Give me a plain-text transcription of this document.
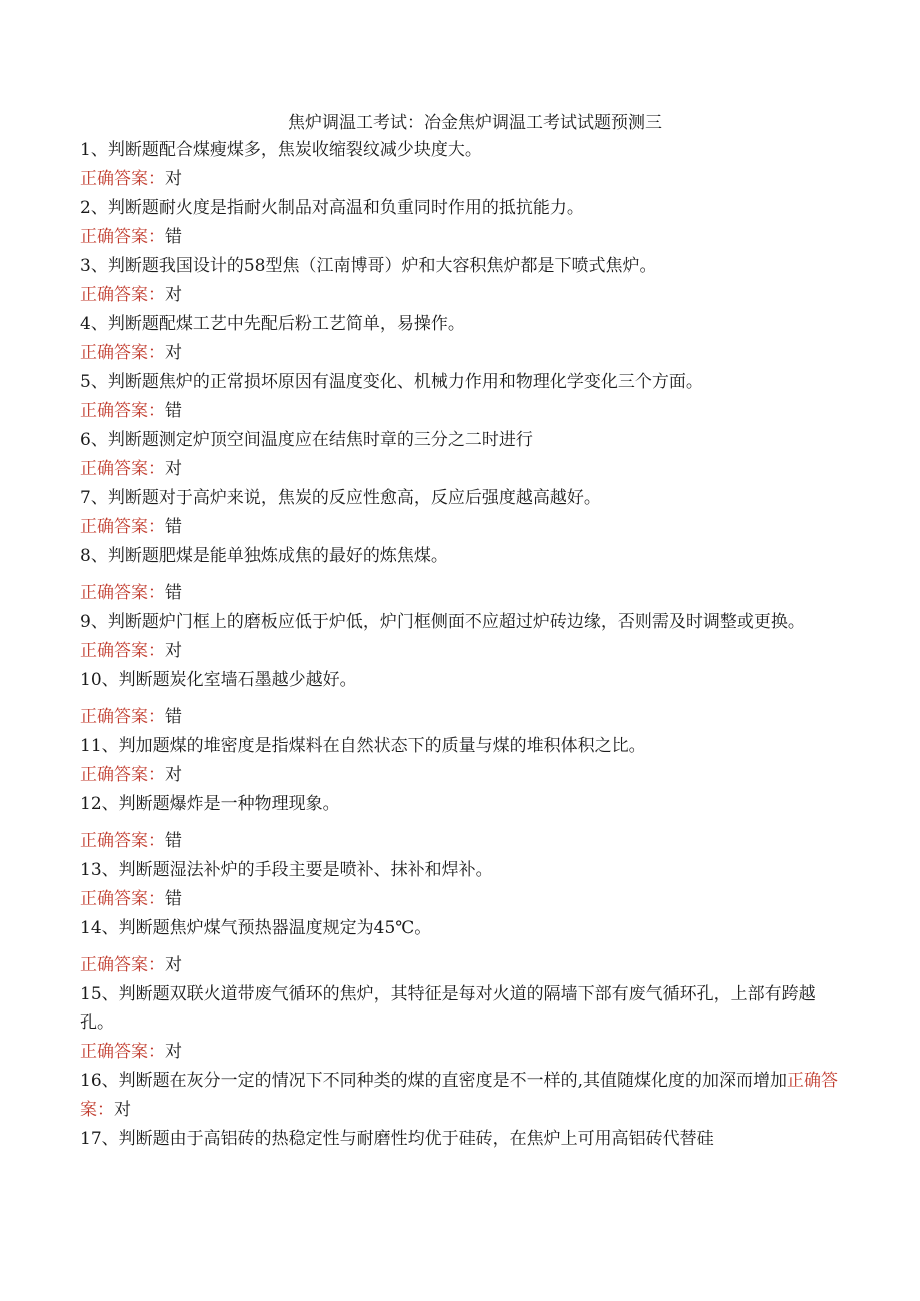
焦炉调温工考试：冶金焦炉调温工考试试题预测三

1、判断题配合煤瘦煤多，焦炭收缩裂纹减少块度大。

正确答案：对

2、判断题耐火度是指耐火制品对高温和负重同时作用的抵抗能力。

正确答案：错

3、判断题我国设计的58型焦（江南博哥）炉和大容积焦炉都是下喷式焦炉。

正确答案：对

4、判断题配煤工艺中先配后粉工艺简单，易操作。

正确答案：对

5、判断题焦炉的正常损坏原因有温度变化、机械力作用和物理化学变化三个方面。

正确答案：错

6、判断题测定炉顶空间温度应在结焦时章的三分之二时进行

正确答案：对

7、判断题对于高炉来说，焦炭的反应性愈高，反应后强度越高越好。

正确答案：错

8、判断题肥煤是能单独炼成焦的最好的炼焦煤。

正确答案：错

9、判断题炉门框上的磨板应低于炉低，炉门框侧面不应超过炉砖边缘，否则需及时调整或更换。

正确答案：对

10、判断题炭化室墙石墨越少越好。

正确答案：错

11、判加题煤的堆密度是指煤料在自然状态下的质量与煤的堆积体积之比。

正确答案：对

12、判断题爆炸是一种物理现象。

正确答案：错

13、判断题湿法补炉的手段主要是喷补、抹补和焊补。

正确答案：错

14、判断题焦炉煤气预热器温度规定为45℃。

正确答案：对

15、判断题双联火道带废气循环的焦炉，其特征是每对火道的隔墙下部有废气循环孔，上部有跨越孔。

正确答案：对

16、判断题在灰分一定的情况下不同种类的煤的直密度是不一样的,其值随煤化度的加深而增加正确答案：对

17、判断题由于高铝砖的热稳定性与耐磨性均优于硅砖，在焦炉上可用高铝砖代替硅
